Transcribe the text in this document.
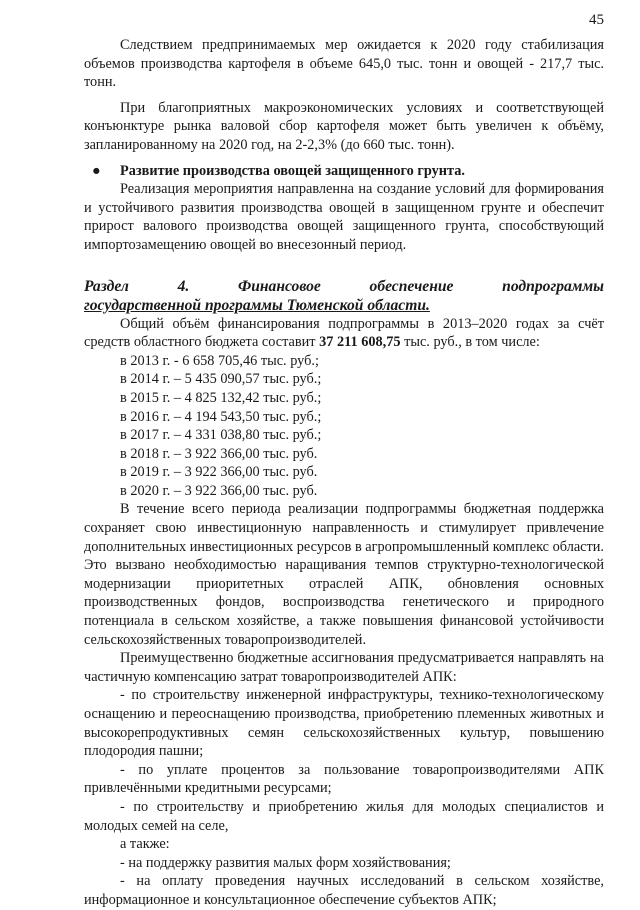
45

Следствием предпринимаемых мер ожидается к 2020 году стабилизация объемов производства картофеля в объеме 645,0 тыс. тонн и овощей - 217,7 тыс. тонн.

При благоприятных макроэкономических условиях и соответствующей конъюнктуре рынка валовой сбор картофеля может быть увеличен к объёму, запланированному на 2020 год, на 2-2,3% (до 660 тыс. тонн).

●	Развитие производства овощей защищенного грунта.

Реализация мероприятия направленна на создание условий для формирования и устойчивого развития производства овощей в защищенном грунте и обеспечит прирост валового производства овощей защищенного грунта, способствующий импортозамещению овощей во внесезонный период.

Раздел	4.	Финансовое	обеспечение	подпрограммы
государственной программы Тюменской области.

Общий объём финансирования подпрограммы в 2013–2020 годах за счёт средств областного бюджета составит 37 211 608,75 тыс. руб., в том числе:

в 2013 г. - 6 658 705,46 тыс. руб.;
в 2014 г. – 5 435 090,57 тыс. руб.;
в 2015 г. – 4 825 132,42 тыс. руб.;
в 2016 г. – 4 194 543,50 тыс. руб.;
в 2017 г. – 4 331 038,80 тыс. руб.;
в 2018 г. – 3 922 366,00 тыс. руб.
в 2019 г. – 3 922 366,00 тыс. руб.
в 2020 г. – 3 922 366,00 тыс. руб.

В течение всего периода реализации подпрограммы бюджетная поддержка сохраняет свою инвестиционную направленность и стимулирует привлечение дополнительных инвестиционных ресурсов в агропромышленный комплекс области. Это вызвано необходимостью наращивания темпов структурно-технологической модернизации приоритетных отраслей АПК, обновления основных производственных фондов, воспроизводства генетического и природного потенциала в сельском хозяйстве, а также повышения финансовой устойчивости сельскохозяйственных товаропроизводителей.

Преимущественно бюджетные ассигнования предусматривается направлять на частичную компенсацию затрат товаропроизводителей АПК:

- по строительству инженерной инфраструктуры, технико-технологическому оснащению и переоснащению производства, приобретению племенных животных и высокорепродуктивных семян сельскохозяйственных культур, повышению плодородия пашни;

- по уплате процентов за пользование товаропроизводителями АПК привлечёнными кредитными ресурсами;

- по строительству и приобретению жилья для молодых специалистов и молодых семей на селе,

а также:

- на поддержку развития малых форм хозяйствования;

- на оплату проведения научных исследований в сельском хозяйстве, информационное и консультационное обеспечение субъектов АПК;
